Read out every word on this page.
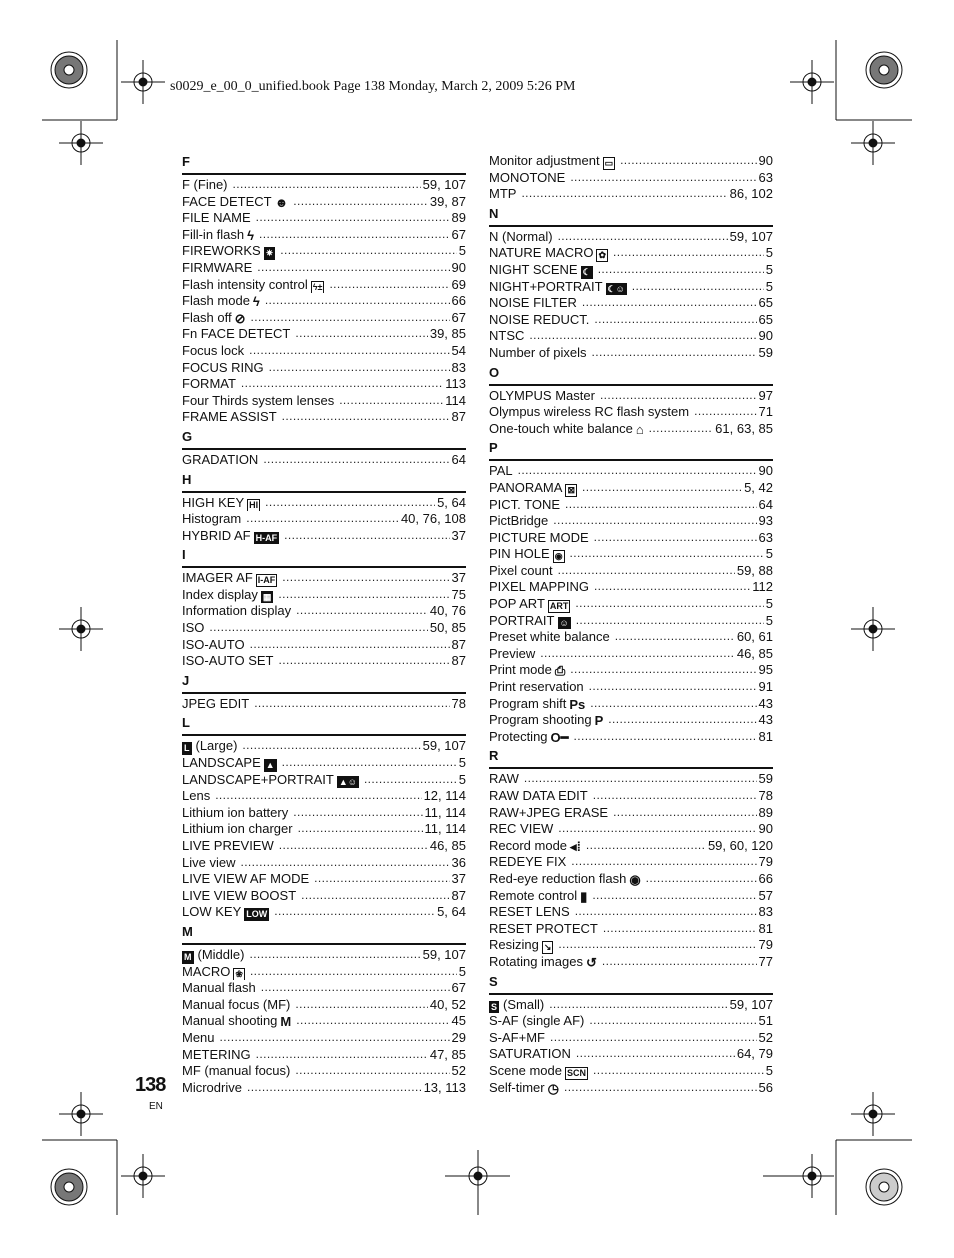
s0029_e_00_0_unified.book Page 138 Monday, March 2, 2009 5:26 PM
F
F (Fine) .....	59, 107
FACE DETECT ☻ .....	39, 87
FILE NAME .....	89
Fill-in flash ϟ .....	67
FIREWORKS ✷ .....	5
FIRMWARE .....	90
Flash intensity control ϟ± .....	69
Flash mode ϟ .....	66
Flash off ⊘ .....	67
Fn FACE DETECT .....	39, 85
Focus lock .....	54
FOCUS RING .....	83
FORMAT .....	113
Four Thirds system lenses .....	114
FRAME ASSIST .....	87
G
GRADATION .....	64
H
HIGH KEY HI .....	5, 64
Histogram .....	40, 76, 108
HYBRID AF H-AF .....	37
I
IMAGER AF I-AF .....	37
Index display ▦ .....	75
Information display .....	40, 76
ISO .....	50, 85
ISO-AUTO .....	87
ISO-AUTO SET .....	87
J
JPEG EDIT .....	78
L
L (Large) .....	59, 107
LANDSCAPE ▲ .....	5
LANDSCAPE+PORTRAIT ▲☺ .....	5
Lens .....	12, 114
Lithium ion battery .....	11, 114
Lithium ion charger .....	11, 114
LIVE PREVIEW .....	46, 85
Live view .....	36
LIVE VIEW AF MODE .....	37
LIVE VIEW BOOST .....	87
LOW KEY LOW .....	5, 64
M
M (Middle) .....	59, 107
MACRO ❀ .....	5
Manual flash .....	67
Manual focus (MF) .....	40, 52
Manual shooting M .....	45
Menu .....	29
METERING .....	47, 85
MF (manual focus) .....	52
Microdrive .....	13, 113
Monitor adjustment ▭ .....	90
MONOTONE .....	63
MTP .....	86, 102
N
N (Normal) .....	59, 107
NATURE MACRO ✿ .....	5
NIGHT SCENE ☾ .....	5
NIGHT+PORTRAIT ☾☺ .....	5
NOISE FILTER .....	65
NOISE REDUCT. .....	65
NTSC .....	90
Number of pixels .....	59
O
OLYMPUS Master .....	97
Olympus wireless RC flash system .....	71
One-touch white balance ⌂ .....	61, 63, 85
P
PAL .....	90
PANORAMA ⊠ .....	5, 42
PICT. TONE .....	64
PictBridge .....	93
PICTURE MODE .....	63
PIN HOLE ◉ .....	5
Pixel count .....	59, 88
PIXEL MAPPING .....	112
POP ART ART .....	5
PORTRAIT ☺ .....	5
Preset white balance .....	60, 61
Preview .....	46, 85
Print mode ⎙ .....	95
Print reservation .....	91
Program shift Ps .....	43
Program shooting P .....	43
Protecting O━ .....	81
R
RAW .....	59
RAW DATA EDIT .....	78
RAW+JPEG ERASE .....	89
REC VIEW .....	90
Record mode ◂⁞ .....	59, 60, 120
REDEYE FIX .....	79
Red-eye reduction flash ◉ .....	66
Remote control ▮ .....	57
RESET LENS .....	83
RESET PROTECT .....	81
Resizing ↘ .....	79
Rotating images ↺ .....	77
S
S (Small) .....	59, 107
S-AF (single AF) .....	51
S-AF+MF .....	52
SATURATION .....	64, 79
Scene mode SCN .....	5
Self-timer ◷ .....	56
138
EN
